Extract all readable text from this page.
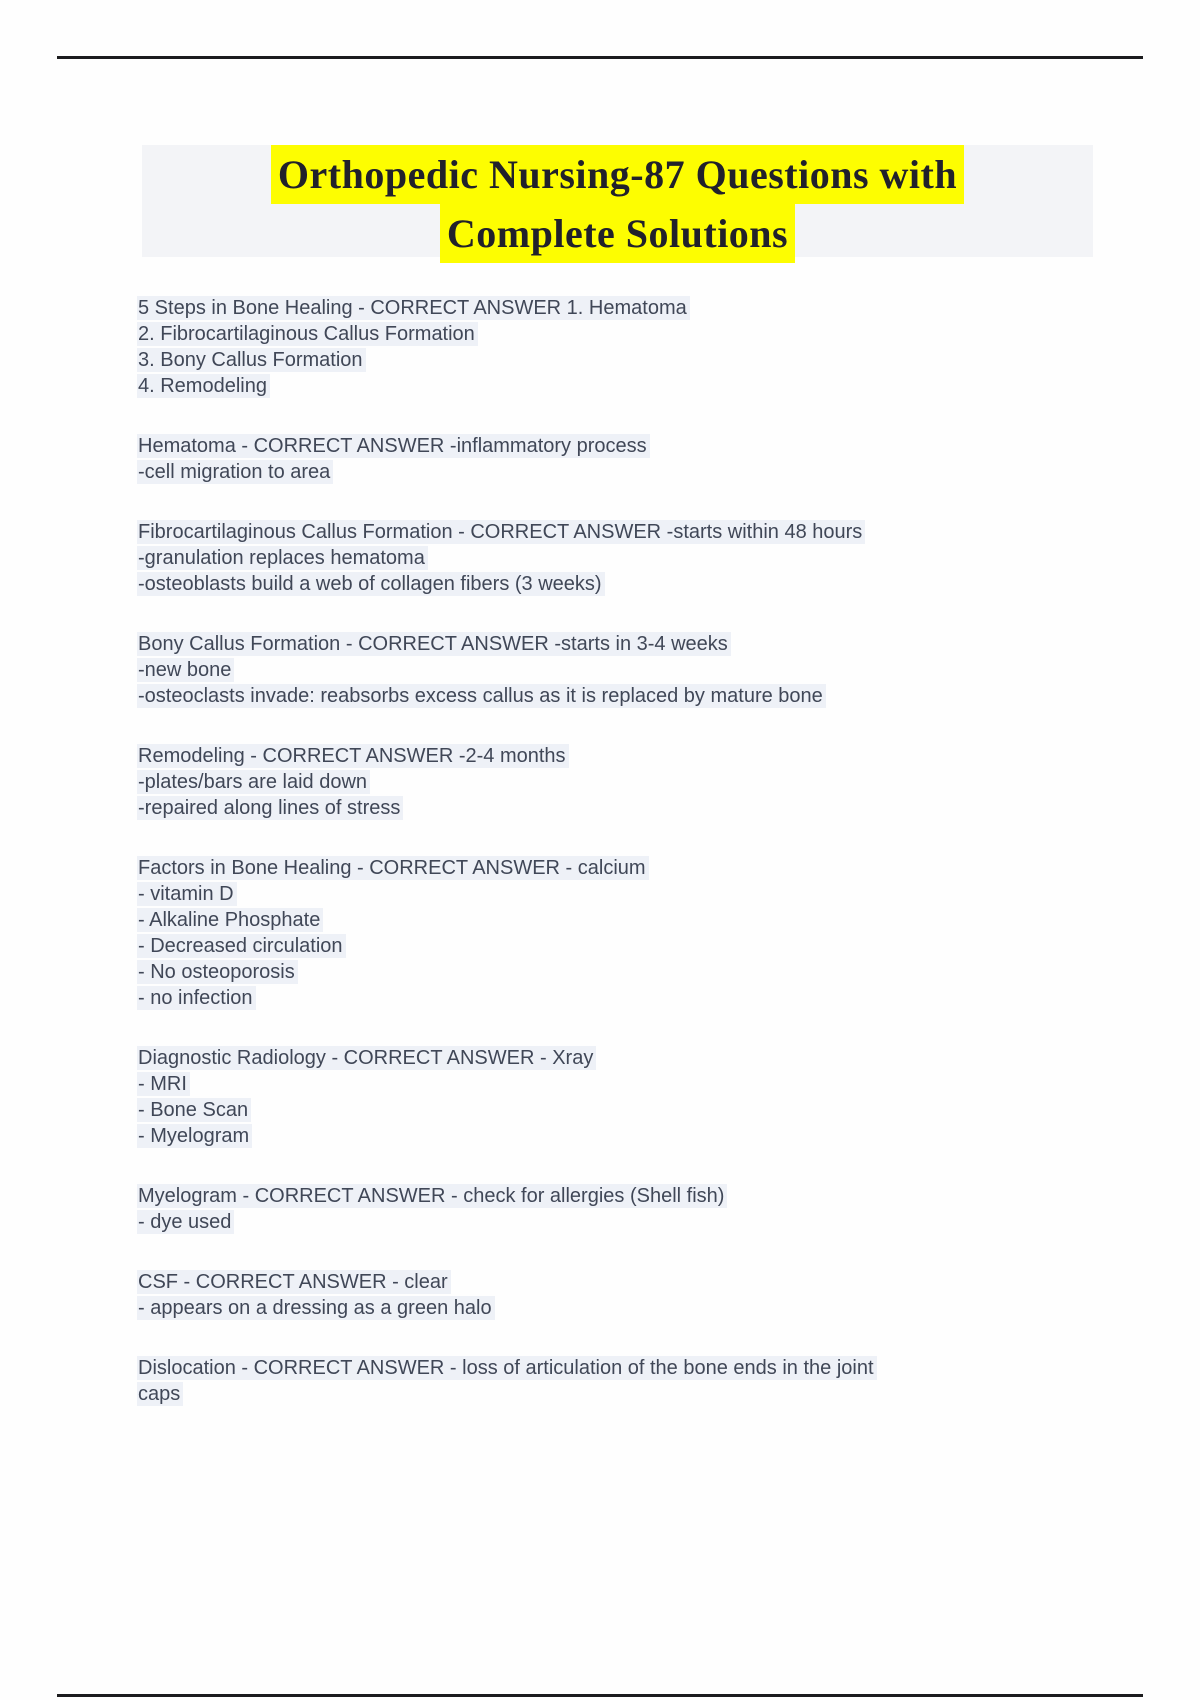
Orthopedic Nursing-87 Questions with
Complete Solutions
5 Steps in Bone Healing - CORRECT ANSWER 1. Hematoma
2. Fibrocartilaginous Callus Formation
3. Bony Callus Formation
4. Remodeling
Hematoma - CORRECT ANSWER -inflammatory process
-cell migration to area
Fibrocartilaginous Callus Formation - CORRECT ANSWER -starts within 48 hours
-granulation replaces hematoma
-osteoblasts build a web of collagen fibers (3 weeks)
Bony Callus Formation - CORRECT ANSWER -starts in 3-4 weeks
-new bone
-osteoclasts invade: reabsorbs excess callus as it is replaced by mature bone
Remodeling - CORRECT ANSWER -2-4 months
-plates/bars are laid down
-repaired along lines of stress
Factors in Bone Healing - CORRECT ANSWER - calcium
- vitamin D
- Alkaline Phosphate
- Decreased circulation
- No osteoporosis
- no infection
Diagnostic Radiology - CORRECT ANSWER - Xray
- MRI
- Bone Scan
- Myelogram
Myelogram - CORRECT ANSWER - check for allergies (Shell fish)
- dye used
CSF - CORRECT ANSWER - clear
- appears on a dressing as a green halo
Dislocation - CORRECT ANSWER - loss of articulation of the bone ends in the joint
caps
